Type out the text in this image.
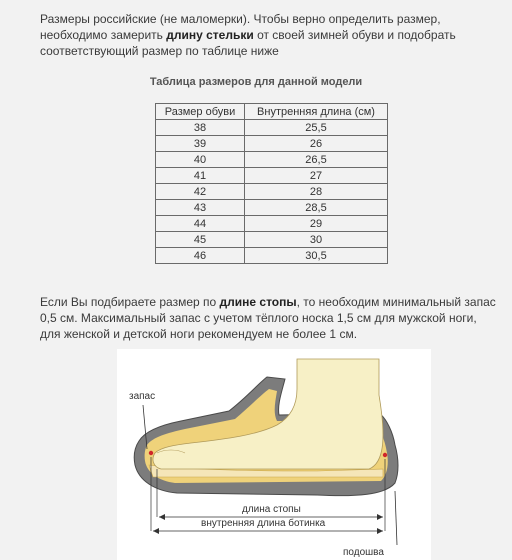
Размеры российские (не маломерки). Чтобы верно определить размер, необходимо замерить длину стельки от своей зимней обуви и подобрать соответствующий размер по таблице ниже
Таблица размеров для данной модели
Размер обуви	Внутренняя длина (см)
38	25,5
39	26
40	26,5
41	27
42	28
43	28,5
44	29
45	30
46	30,5
Если Вы подбираете размер по длине стопы, то необходим минимальный запас 0,5 см. Максимальный запас с учетом тёплого носка 1,5 см для мужской ноги, для женской и детской ноги рекомендуем не более 1 см.
запас
длина стопы
внутренняя длина ботинка
подошва
